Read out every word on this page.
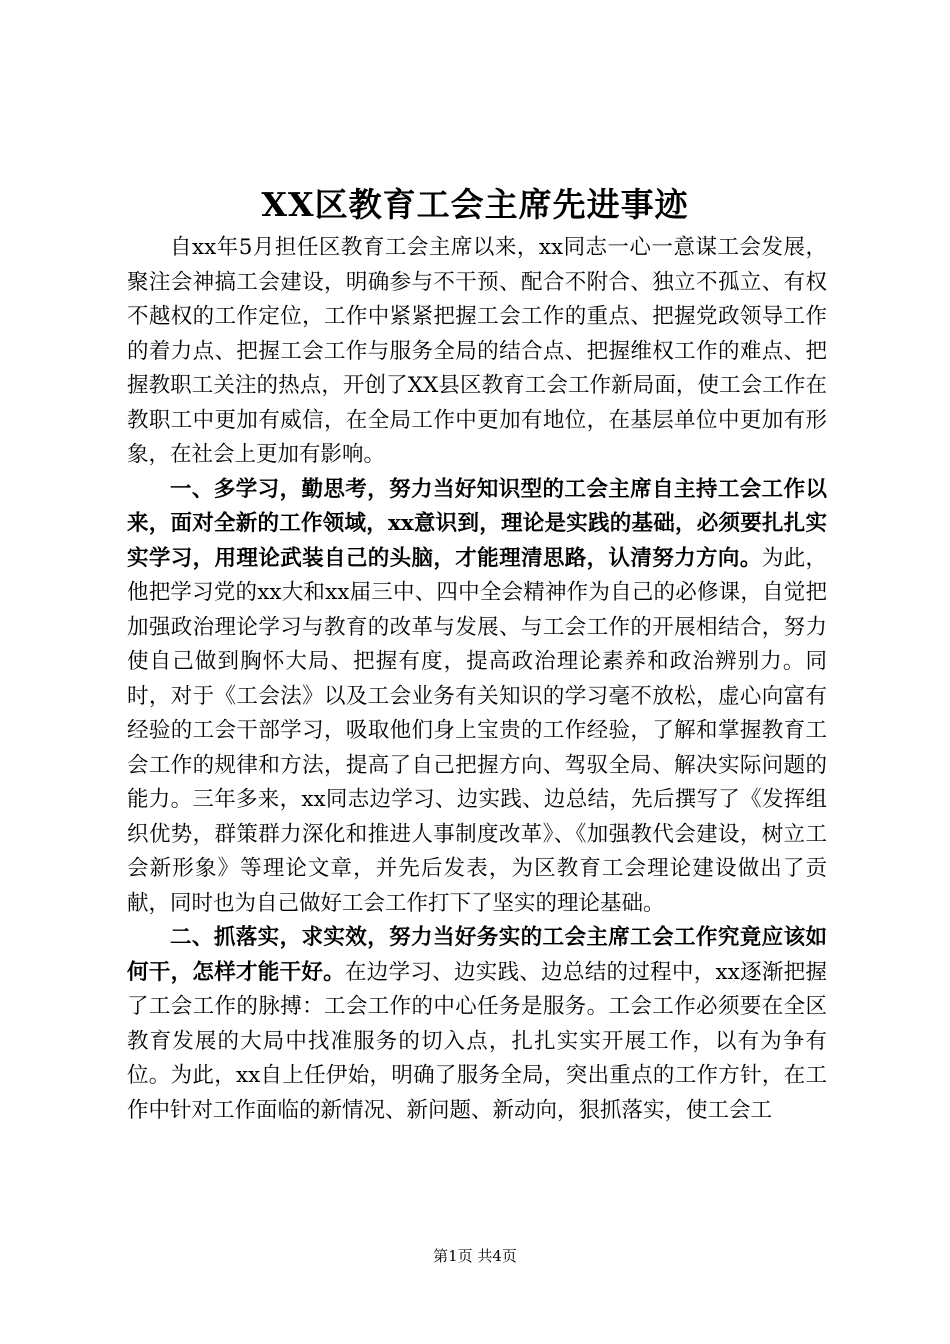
XX区教育工会主席先进事迹

自xx年5月担任区教育工会主席以来，xx同志一心一意谋工会发展，聚注会神搞工会建设，明确参与不干预、配合不附合、独立不孤立、有权不越权的工作定位，工作中紧紧把握工会工作的重点、把握党政领导工作的着力点、把握工会工作与服务全局的结合点、把握维权工作的难点、把握教职工关注的热点，开创了XX县区教育工会工作新局面，使工会工作在教职工中更加有威信，在全局工作中更加有地位，在基层单位中更加有形象，在社会上更加有影响。

一、多学习，勤思考，努力当好知识型的工会主席自主持工会工作以来，面对全新的工作领域，xx意识到，理论是实践的基础，必须要扎扎实实学习，用理论武装自己的头脑，才能理清思路，认清努力方向。为此，他把学习党的xx大和xx届三中、四中全会精神作为自己的必修课，自觉把加强政治理论学习与教育的改革与发展、与工会工作的开展相结合，努力使自己做到胸怀大局、把握有度，提高政治理论素养和政治辨别力。同时，对于《工会法》以及工会业务有关知识的学习毫不放松，虚心向富有经验的工会干部学习，吸取他们身上宝贵的工作经验，了解和掌握教育工会工作的规律和方法，提高了自己把握方向、驾驭全局、解决实际问题的能力。三年多来，xx同志边学习、边实践、边总结，先后撰写了《发挥组织优势，群策群力深化和推进人事制度改革》、《加强教代会建设，树立工会新形象》等理论文章，并先后发表，为区教育工会理论建设做出了贡献，同时也为自己做好工会工作打下了坚实的理论基础。

二、抓落实，求实效，努力当好务实的工会主席工会工作究竟应该如何干，怎样才能干好。在边学习、边实践、边总结的过程中，xx逐渐把握了工会工作的脉搏：工会工作的中心任务是服务。工会工作必须要在全区教育发展的大局中找准服务的切入点，扎扎实实开展工作，以有为争有位。为此，xx自上任伊始，明确了服务全局，突出重点的工作方针，在工作中针对工作面临的新情况、新问题、新动向，狠抓落实，使工会工

第1页 共4页
